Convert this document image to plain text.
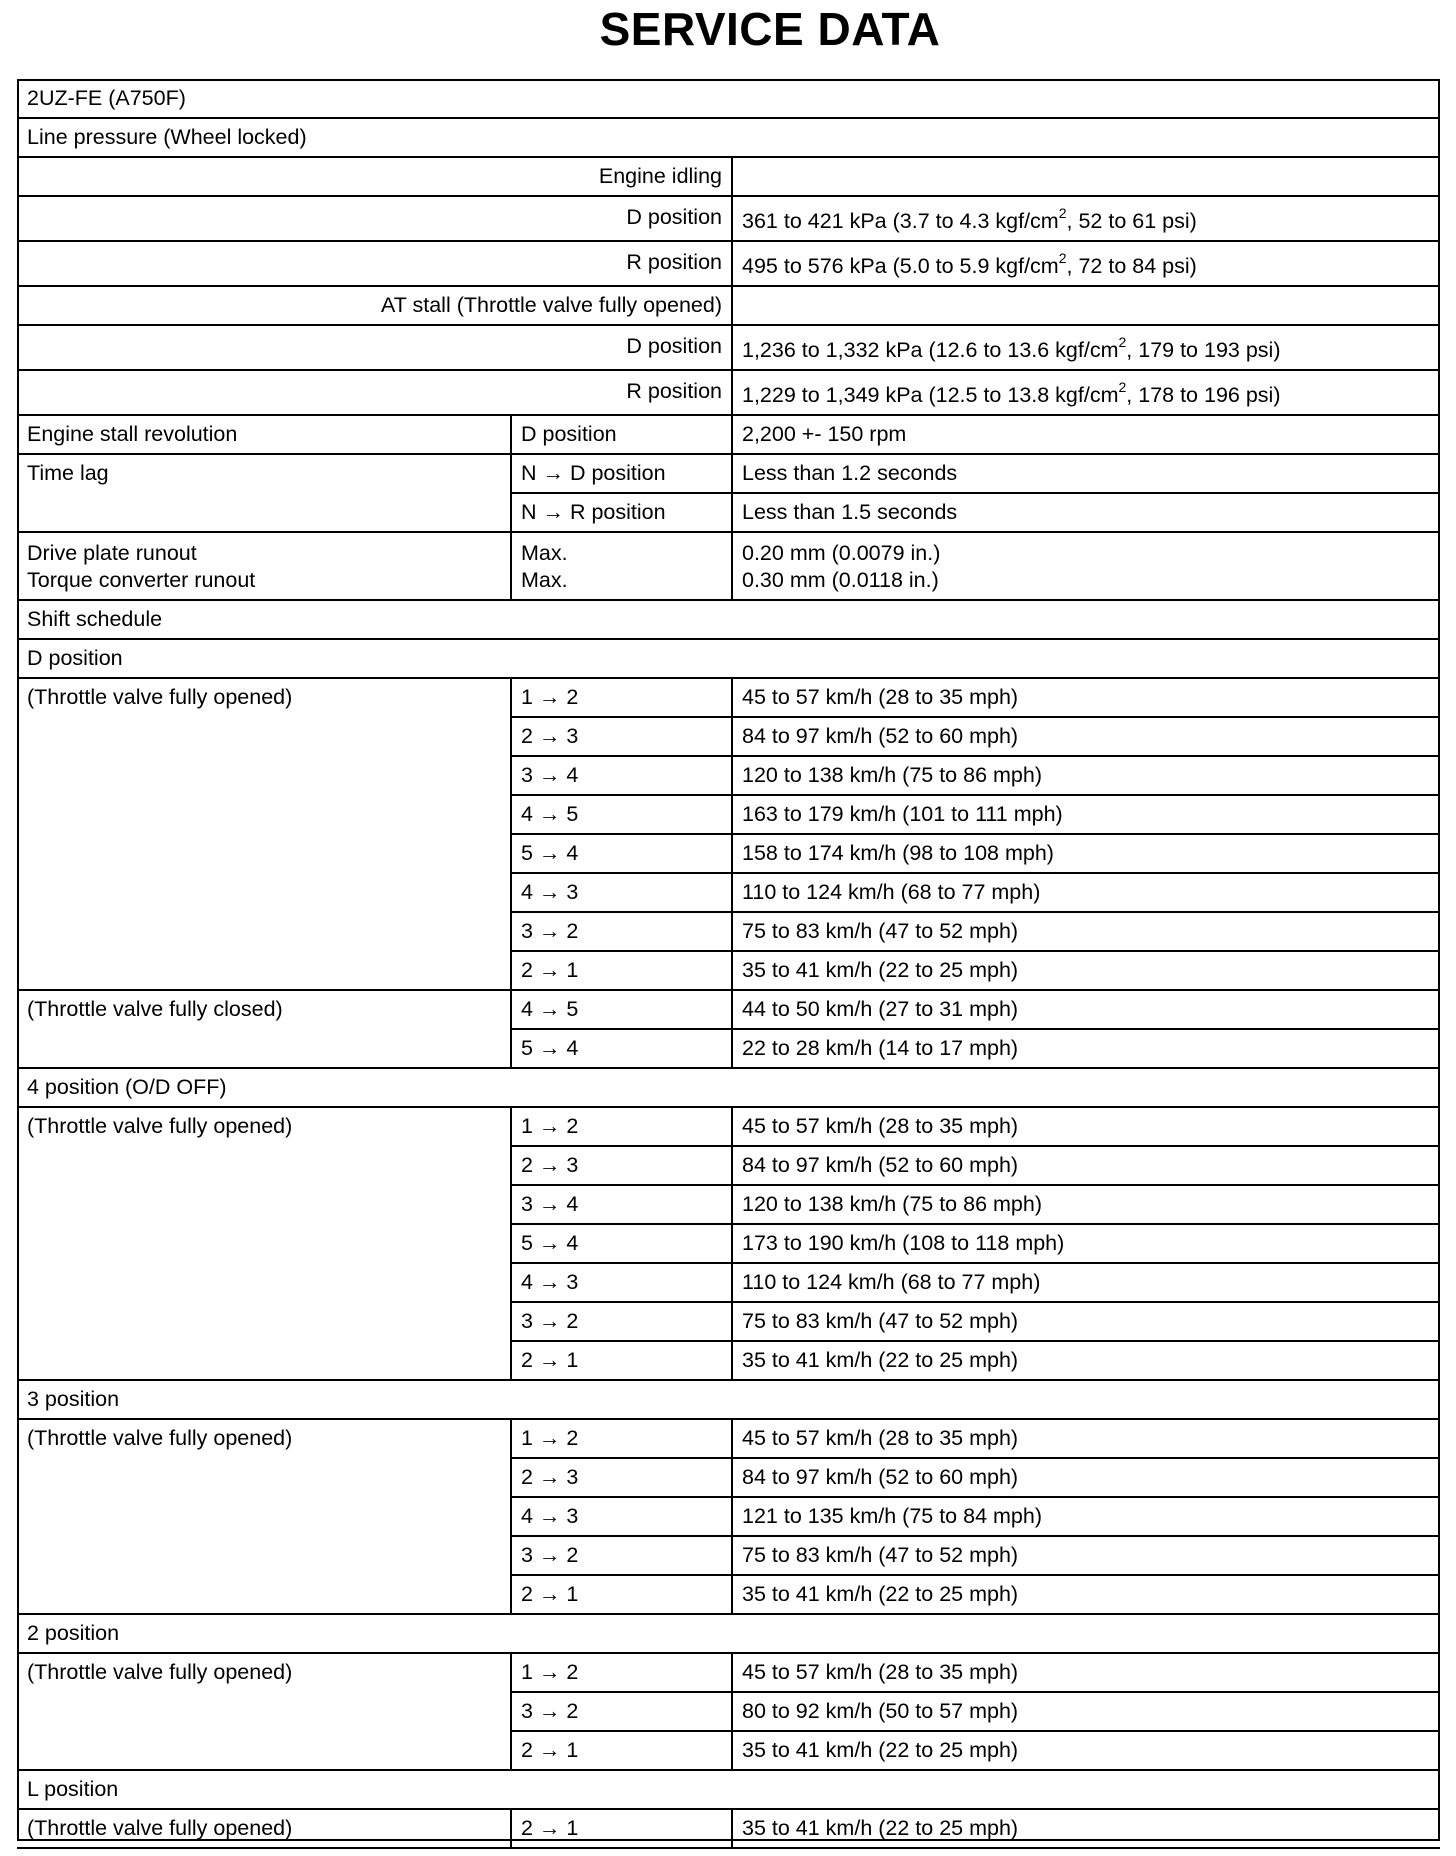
SERVICE DATA
2UZ-FE (A750F)
Line pressure (Wheel locked)
Engine idling
D position 361 to 421 kPa (3.7 to 4.3 kgf/$cm^2$, 52 to 61 psi)
R position 495 to 576 kPa (5.0 to 5.9 kgf/$cm^2$, 72 to 84 psi)
AT stall (Throttle valve fully opened)
D position 1,236 to 1,332 kPa (12.6 to 13.6 kgf/$cm^2$, 179 to 193 psi)
R position 1,229 to 1,349 kPa (12.5 to 13.8 kgf/$cm^2$, 178 to 196 psi)
Engine stall revolution	D position	2,200 +- 150 rpm
Time lag	N → D position	Less than 1.2 seconds
N → R position	Less than 1.5 seconds
Drive plate runout	Max.	0.20 mm (0.0079 in.)
Torque converter runout	Max.	0.30 mm (0.0118 in.)
Shift schedule
D position
(Throttle valve fully opened)	1 → 2	45 to 57 km/h (28 to 35 mph)
2 → 3	84 to 97 km/h (52 to 60 mph)
3 → 4	120 to 138 km/h (75 to 86 mph)
4 → 5	163 to 179 km/h (101 to 111 mph)
5 → 4	158 to 174 km/h (98 to 108 mph)
4 → 3	110 to 124 km/h (68 to 77 mph)
3 → 2	75 to 83 km/h (47 to 52 mph)
2 → 1	35 to 41 km/h (22 to 25 mph)
(Throttle valve fully closed)	4 → 5	44 to 50 km/h (27 to 31 mph)
5 → 4	22 to 28 km/h (14 to 17 mph)
4 position (O/D OFF)
(Throttle valve fully opened)	1 → 2	45 to 57 km/h (28 to 35 mph)
2 → 3	84 to 97 km/h (52 to 60 mph)
3 → 4	120 to 138 km/h (75 to 86 mph)
5 → 4	173 to 190 km/h (108 to 118 mph)
4 → 3	110 to 124 km/h (68 to 77 mph)
3 → 2	75 to 83 km/h (47 to 52 mph)
2 → 1	35 to 41 km/h (22 to 25 mph)
3 position
(Throttle valve fully opened)	1 → 2	45 to 57 km/h (28 to 35 mph)
2 → 3	84 to 97 km/h (52 to 60 mph)
4 → 3	121 to 135 km/h (75 to 84 mph)
3 → 2	75 to 83 km/h (47 to 52 mph)
2 → 1	35 to 41 km/h (22 to 25 mph)
2 position
(Throttle valve fully opened)	1 → 2	45 to 57 km/h (28 to 35 mph)
3 → 2	80 to 92 km/h (50 to 57 mph)
2 → 1	35 to 41 km/h (22 to 25 mph)
L position
(Throttle valve fully opened)	2 → 1	35 to 41 km/h (22 to 25 mph)
